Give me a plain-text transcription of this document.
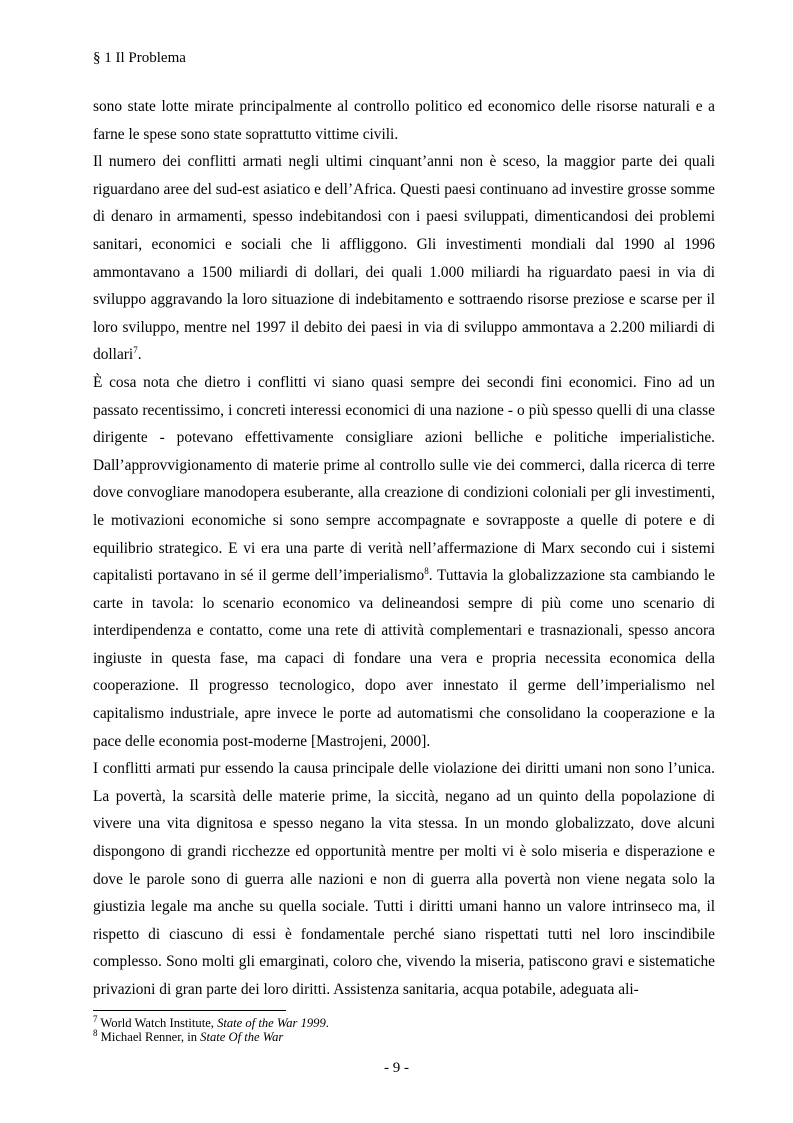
§ 1 Il Problema

sono state lotte mirate principalmente al controllo politico ed economico delle risorse naturali e a farne le spese sono state soprattutto vittime civili.

Il numero dei conflitti armati negli ultimi cinquant’anni non è sceso, la maggior parte dei quali riguardano aree del sud-est asiatico e dell’Africa. Questi paesi continuano ad investire grosse somme di denaro in armamenti, spesso indebitandosi con i paesi sviluppati, dimenticandosi dei problemi sanitari, economici e sociali che li affliggono. Gli investimenti mondiali dal 1990 al 1996 ammontavano a 1500 miliardi di dollari, dei quali 1.000 miliardi ha riguardato paesi in via di sviluppo aggravando la loro situazione di indebitamento e sottraendo risorse preziose e scarse per il loro sviluppo, mentre nel 1997 il debito dei paesi in via di sviluppo ammontava a 2.200 miliardi di dollari$^7$.

È cosa nota che dietro i conflitti vi siano quasi sempre dei secondi fini economici. Fino ad un passato recentissimo, i concreti interessi economici di una nazione - o più spesso quelli di una classe dirigente - potevano effettivamente consigliare azioni belliche e politiche imperialistiche. Dall’approvvigionamento di materie prime al controllo sulle vie dei commerci, dalla ricerca di terre dove convogliare manodopera esuberante, alla creazione di condizioni coloniali per gli investimenti, le motivazioni economiche si sono sempre accompagnate e sovrapposte a quelle di potere e di equilibrio strategico. E vi era una parte di verità nell’affermazione di Marx secondo cui i sistemi capitalisti portavano in sé il germe dell’imperialismo$^8$. Tuttavia la globalizzazione sta cambiando le carte in tavola: lo scenario economico va delineandosi sempre di più come uno scenario di interdipendenza e contatto, come una rete di attività complementari e trasnazionali, spesso ancora ingiuste in questa fase, ma capaci di fondare una vera e propria necessita economica della cooperazione. Il progresso tecnologico, dopo aver innestato il germe dell’imperialismo nel capitalismo industriale, apre invece le porte ad automatismi che consolidano la cooperazione e la pace delle economia post-moderne [Mastrojeni, 2000].

I conflitti armati pur essendo la causa principale delle violazione dei diritti umani non sono l’unica. La povertà, la scarsità delle materie prime, la siccità, negano ad un quinto della popolazione di vivere una vita dignitosa e spesso negano la vita stessa. In un mondo globalizzato, dove alcuni dispongono di grandi ricchezze ed opportunità mentre per molti vi è solo miseria e disperazione e dove le parole sono di guerra alle nazioni e non di guerra alla povertà non viene negata solo la giustizia legale ma anche su quella sociale. Tutti i diritti umani hanno un valore intrinseco ma, il rispetto di ciascuno di essi è fondamentale perché siano rispettati tutti nel loro inscindibile complesso. Sono molti gli emarginati, coloro che, vivendo la miseria, patiscono gravi e sistematiche privazioni di gran parte dei loro diritti. Assistenza sanitaria, acqua potabile, adeguata ali-

$^7$ World Watch Institute, State of the War 1999.
$^8$ Michael Renner, in State Of the War
- 9 -
